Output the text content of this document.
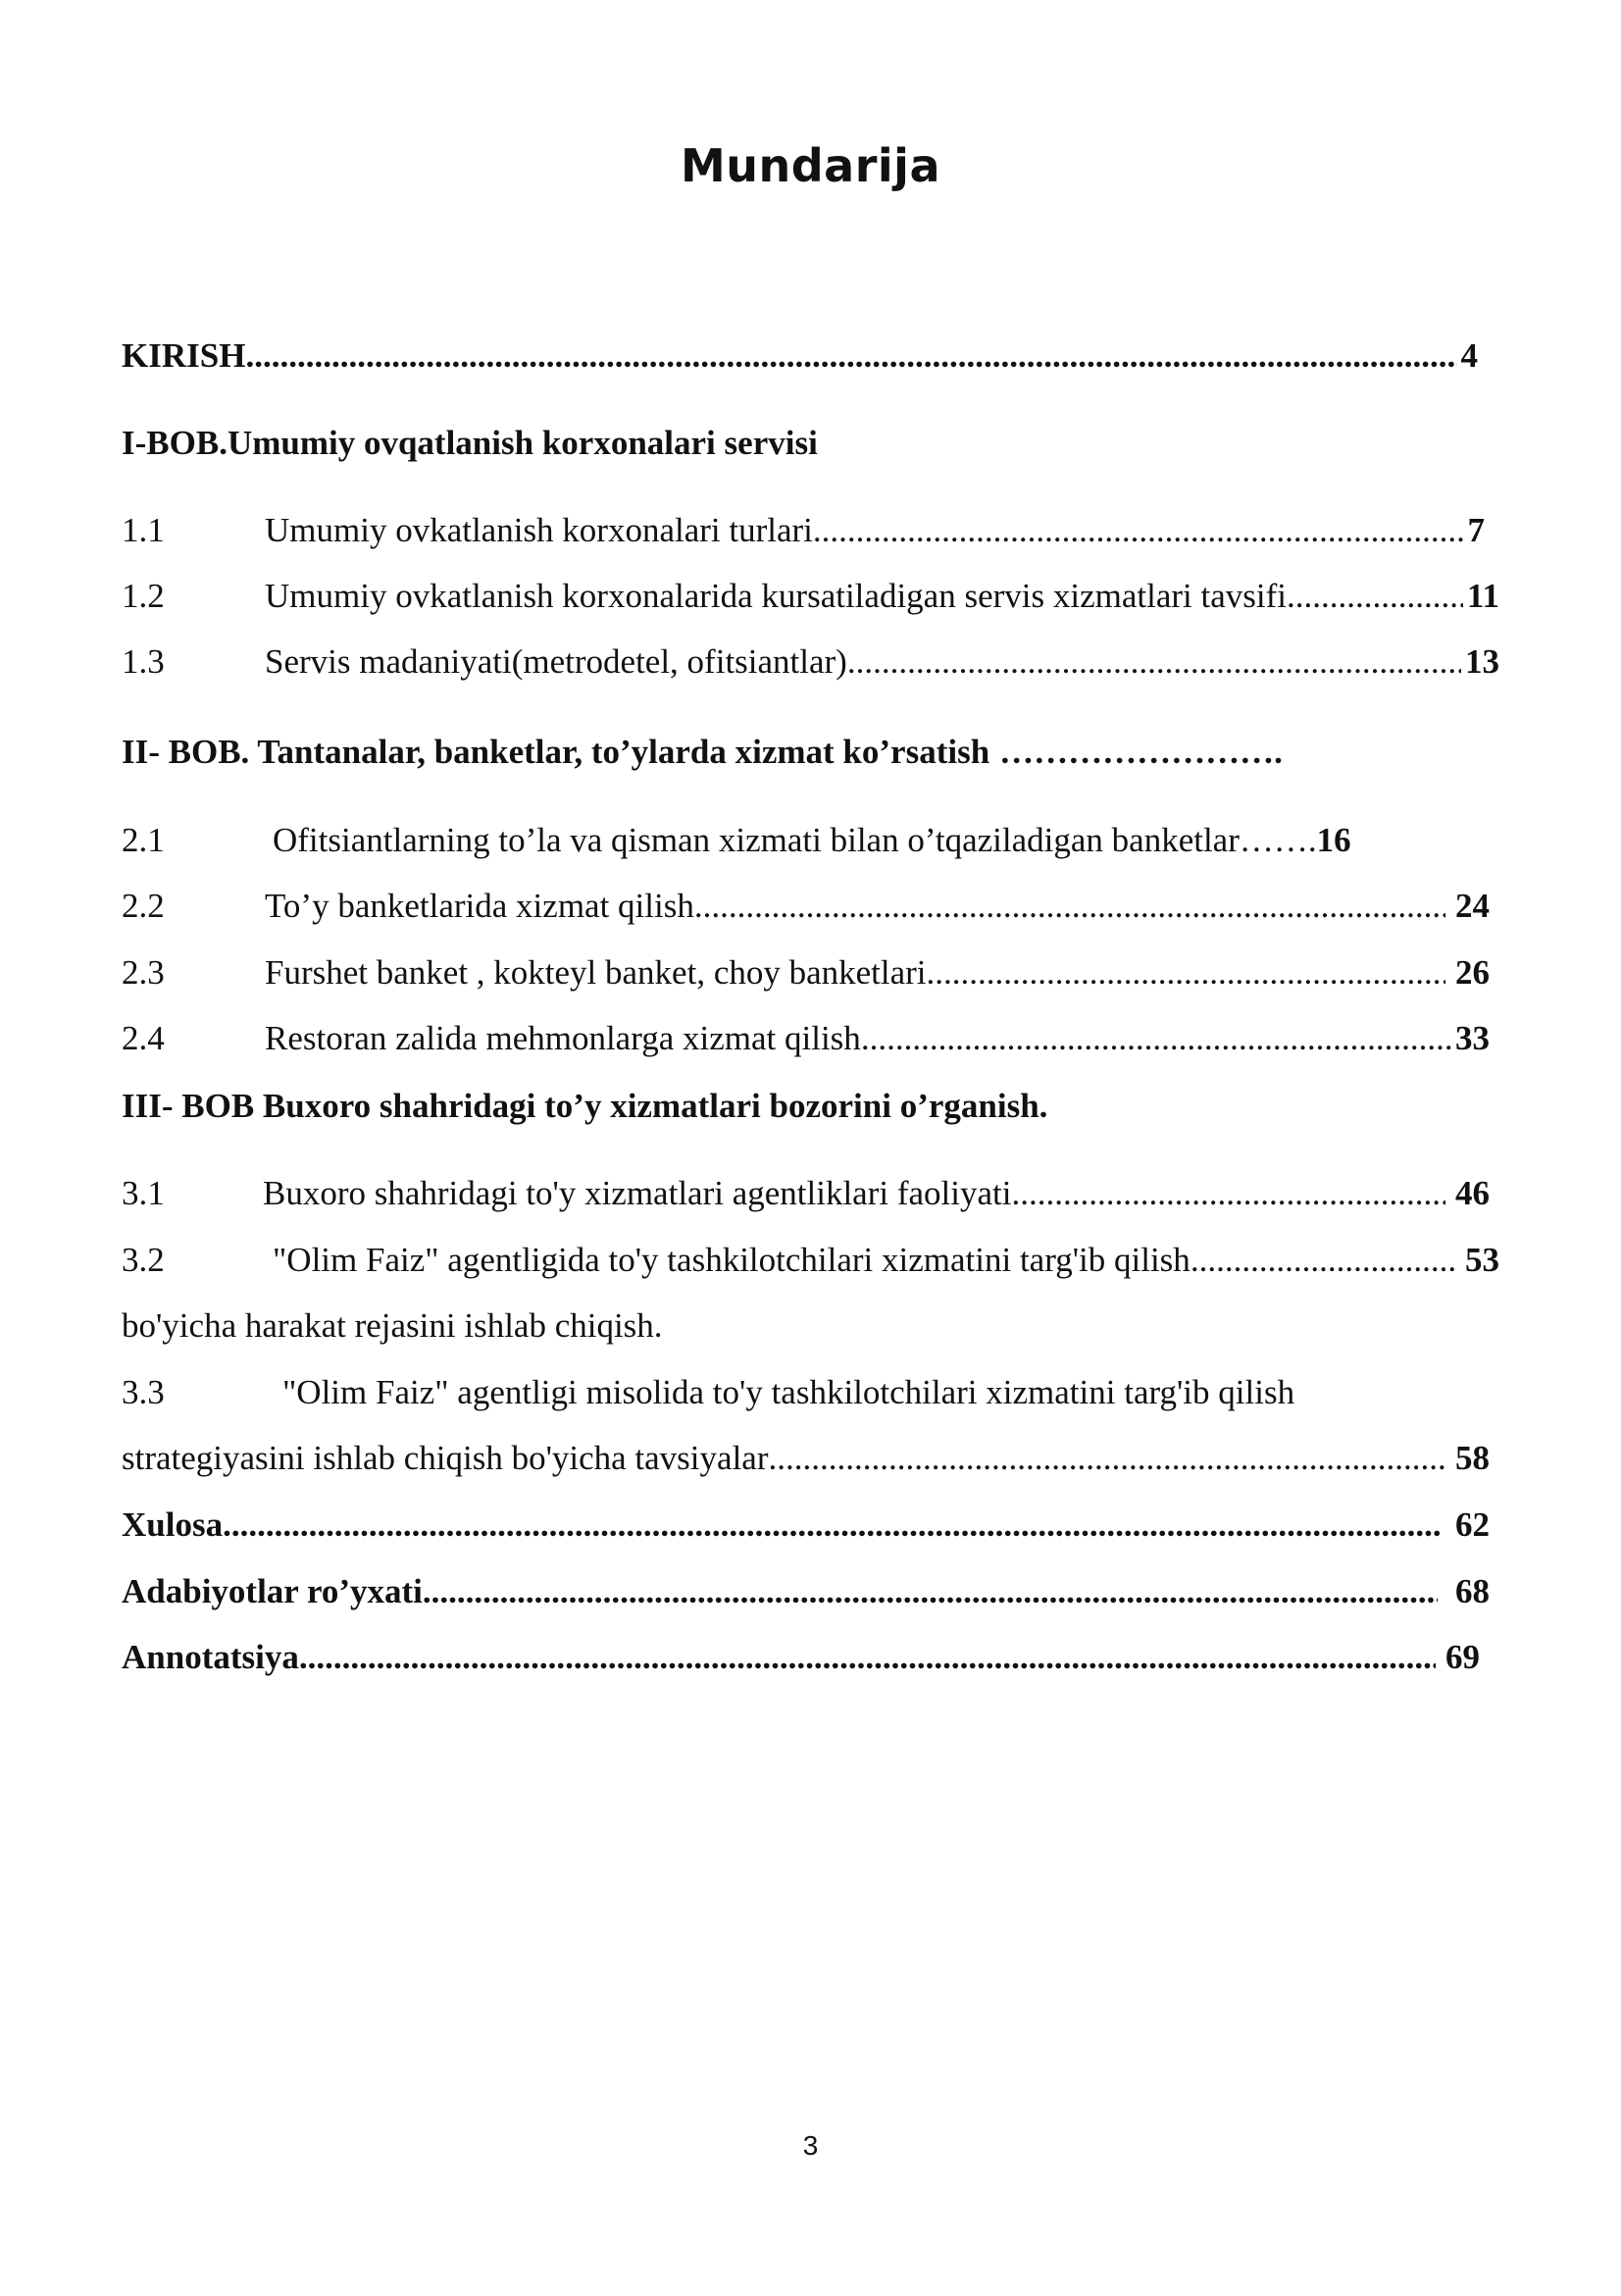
Mundarija
KIRISH .....	4
I-BOB.Umumiy ovqatlanish korxonalari servisi
1.1	Umumiy ovkatlanish korxonalari turlari .....	7
1.2	Umumiy ovkatlanish korxonalarida kursatiladigan servis xizmatlari tavsifi .....	11
1.3	Servis madaniyati(metrodetel, ofitsiantlar) .....	13
II- BOB. Tantanalar, banketlar, to’ylarda xizmat ko’rsatish …………………….
2.1	Ofitsiantlarning to’la va qisman xizmati bilan o’tqaziladigan banketlar……. 16
2.2	To’y banketlarida xizmat qilish .....	24
2.3	Furshet banket , kokteyl banket, choy banketlari .....	26
2.4	Restoran zalida mehmonlarga xizmat qilish .....	33
III- BOB Buxoro shahridagi to’y xizmatlari bozorini o’rganish.
3.1	Buxoro shahridagi to'y xizmatlari agentliklari faoliyati .....	46
3.2	"Olim Faiz" agentligida to'y tashkilotchilari xizmatini targ'ib qilish .....	53
bo'yicha harakat rejasini ishlab chiqish.
3.3	"Olim Faiz" agentligi misolida to'y tashkilotchilari xizmatini targ'ib qilish
strategiyasini ishlab chiqish bo'yicha tavsiyalar .....	58
Xulosa .....	62
Adabiyotlar ro’yxati .....	68
Annotatsiya .....	69
3
